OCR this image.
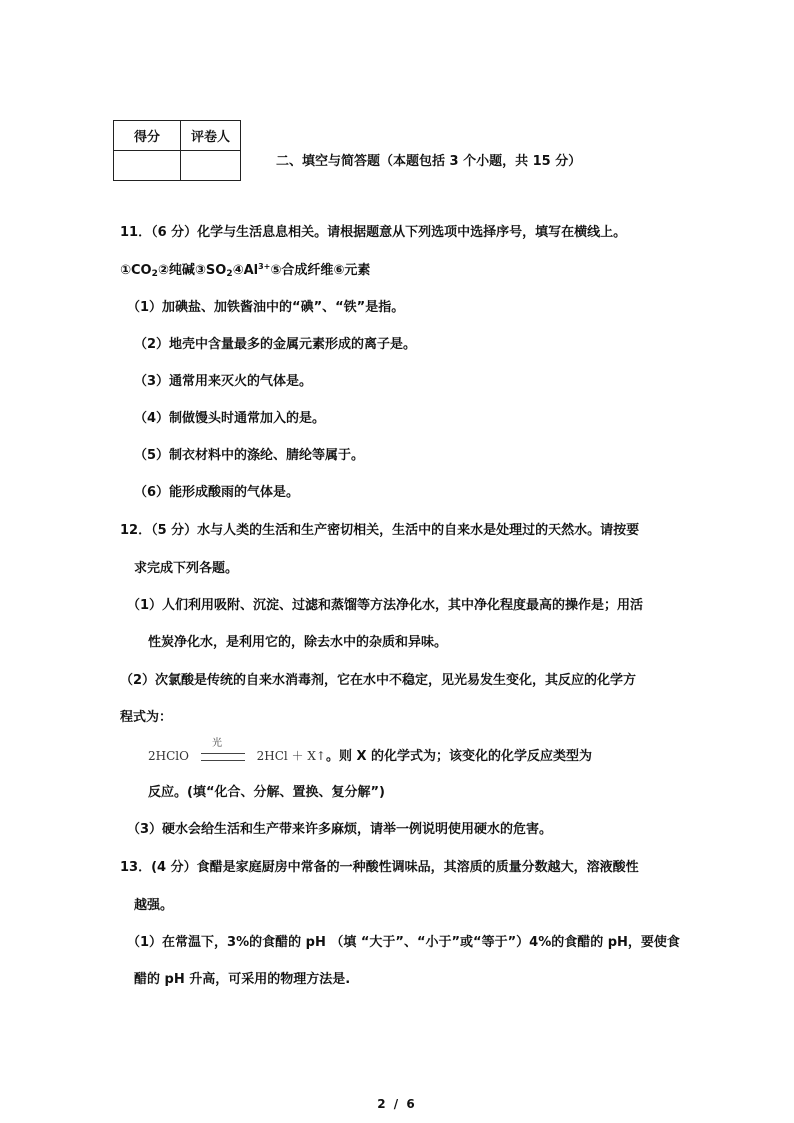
得分	评卷人

二、填空与简答题（本题包括 3 个小题，共 15 分）
11．（6 分）化学与生活息息相关。请根据题意从下列选项中选择序号，填写在横线上。
$①CO_2②$纯碱$③SO_2④Al^{3+}⑤$合成纤维⑥元素
（1）加碘盐、加铁酱油中的“碘”、“铁”是指。
（2）地壳中含量最多的金属元素形成的离子是。
（3）通常用来灭火的气体是。
（4）制做馒头时通常加入的是。
（5）制衣材料中的涤纶、腈纶等属于。
（6）能形成酸雨的气体是。
12．（5 分）水与人类的生活和生产密切相关，生活中的自来水是处理过的天然水。请按要
求完成下列各题。
（1）人们利用吸附、沉淀、过滤和蒸馏等方法净化水，其中净化程度最高的操作是；用活
性炭净化水，是利用它的，除去水中的杂质和异味。
（2）次氯酸是传统的自来水消毒剂，它在水中不稳定，见光易发生变化，其反应的化学方
程式为：
2HClO
光
2HCl ＋ X↑。则 X 的化学式为；该变化的化学反应类型为
反应。(填“化合、分解、置换、复分解”)
（3）硬水会给生活和生产带来许多麻烦，请举一例说明使用硬水的危害。
13．(4 分）食醋是家庭厨房中常备的一种酸性调味品，其溶质的质量分数越大，溶液酸性
越强。
（1）在常温下，3%的食醋的 pH （填 “大于”、“小于”或“等于”）4%的食醋的 pH，要使食
醋的 pH 升高，可采用的物理方法是.
2 / 6
